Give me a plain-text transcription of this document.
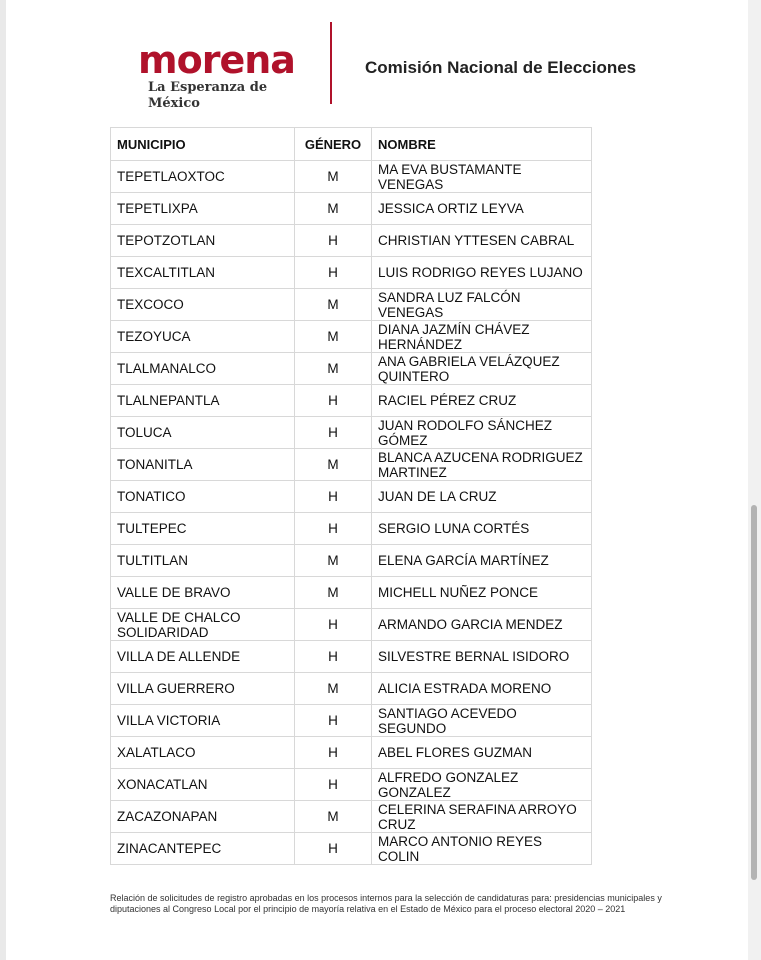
morena
La Esperanza de México
Comisión Nacional de Elecciones
MUNICIPIO	GÉNERO	NOMBRE
TEPETLAOXTOC	M	MA EVA BUSTAMANTE VENEGAS
TEPETLIXPA	M	JESSICA ORTIZ LEYVA
TEPOTZOTLAN	H	CHRISTIAN YTTESEN CABRAL
TEXCALTITLAN	H	LUIS RODRIGO REYES LUJANO
TEXCOCO	M	SANDRA LUZ FALCÓN VENEGAS
TEZOYUCA	M	DIANA JAZMÍN CHÁVEZ HERNÁNDEZ
TLALMANALCO	M	ANA GABRIELA VELÁZQUEZ QUINTERO
TLALNEPANTLA	H	RACIEL PÉREZ CRUZ
TOLUCA	H	JUAN RODOLFO SÁNCHEZ GÓMEZ
TONANITLA	M	BLANCA AZUCENA RODRIGUEZ MARTINEZ
TONATICO	H	JUAN DE LA CRUZ
TULTEPEC	H	SERGIO LUNA CORTÉS
TULTITLAN	M	ELENA GARCÍA MARTÍNEZ
VALLE DE BRAVO	M	MICHELL NUÑEZ PONCE
VALLE DE CHALCO SOLIDARIDAD	H	ARMANDO GARCIA MENDEZ
VILLA DE ALLENDE	H	SILVESTRE BERNAL ISIDORO
VILLA GUERRERO	M	ALICIA ESTRADA MORENO
VILLA VICTORIA	H	SANTIAGO ACEVEDO SEGUNDO
XALATLACO	H	ABEL FLORES GUZMAN
XONACATLAN	H	ALFREDO GONZALEZ GONZALEZ
ZACAZONAPAN	M	CELERINA SERAFINA ARROYO CRUZ
ZINACANTEPEC	H	MARCO ANTONIO REYES COLIN
Relación de solicitudes de registro aprobadas en los procesos internos para la selección de candidaturas para: presidencias municipales y diputaciones al Congreso Local por el principio de mayoría relativa en el Estado de México para el proceso electoral 2020 – 2021
